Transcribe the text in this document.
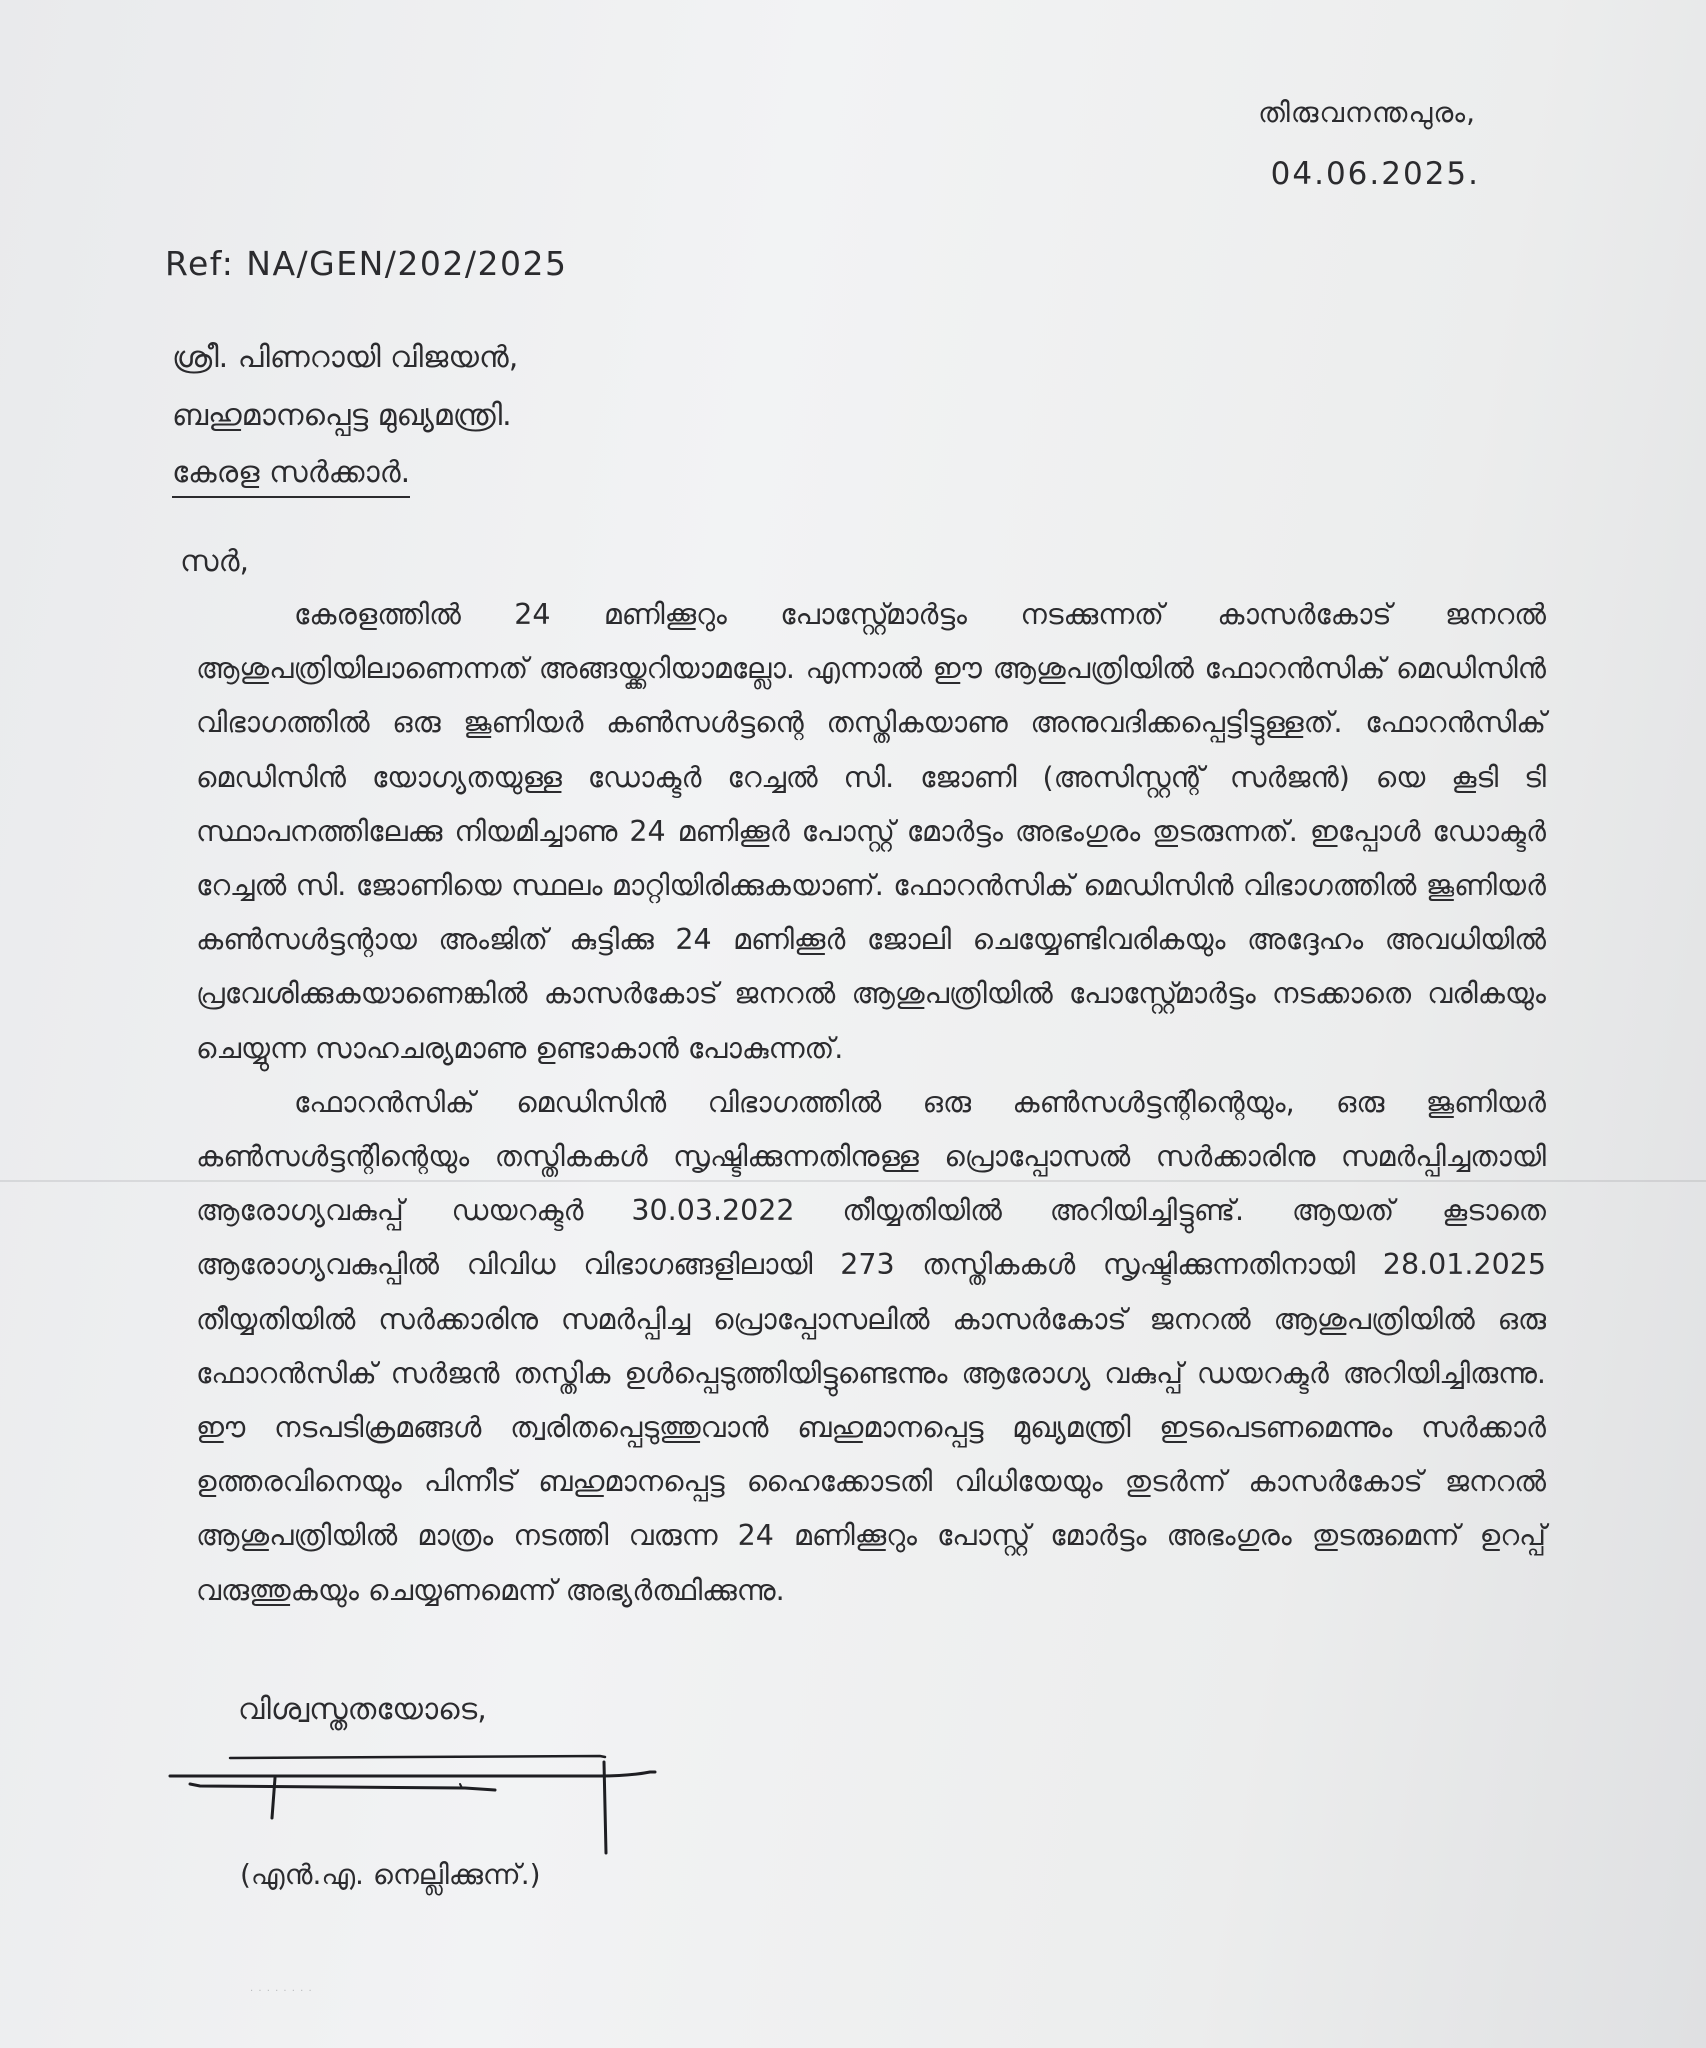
തിരുവനന്തപുരം,
04.06.2025.
Ref: NA/GEN/202/2025
ശ്രീ. പിണറായി വിജയൻ,
ബഹുമാനപ്പെട്ട മുഖ്യമന്ത്രി.
കേരള സർക്കാർ.
സർ,

കേരളത്തിൽ 24 മണിക്കൂറും പോസ്റ്റ്മോർട്ടം നടക്കുന്നത് കാസർകോട് ജനറൽ ആശുപത്രിയിലാണെന്നത് അങ്ങയ്ക്കറിയാമല്ലോ. എന്നാൽ ഈ ആശുപത്രിയിൽ ഫോറൻസിക് മെഡിസിൻ വിഭാഗത്തിൽ ഒരു ജൂണിയർ കൺസൾട്ടന്റെ തസ്തികയാണു അനുവദിക്കപ്പെട്ടിട്ടുള്ളത്. ഫോറൻസിക് മെഡിസിൻ യോഗ്യതയുള്ള ഡോക്ടർ റേച്ചൽ സി. ജോണി (അസിസ്റ്റന്റ് സർജൻ) യെ കൂടി ടി സ്ഥാപനത്തിലേക്കു നിയമിച്ചാണു 24 മണിക്കൂർ പോസ്റ്റ് മോർട്ടം അഭംഗുരം തുടരുന്നത്. ഇപ്പോൾ ഡോക്ടർ റേച്ചൽ സി. ജോണിയെ സ്ഥലം മാറ്റിയിരിക്കുകയാണ്. ഫോറൻസിക് മെഡിസിൻ വിഭാഗത്തിൽ ജൂണിയർ കൺസൾട്ടന്റായ അംജിത് കുട്ടിക്കു 24 മണിക്കൂർ ജോലി ചെയ്യേണ്ടിവരികയും അദ്ദേഹം അവധിയിൽ പ്രവേശിക്കുകയാണെങ്കിൽ കാസർകോട് ജനറൽ ആശുപത്രിയിൽ പോസ്റ്റ്മോർട്ടം നടക്കാതെ വരികയും ചെയ്യുന്ന സാഹചര്യമാണു ഉണ്ടാകാൻ പോകുന്നത്.

ഫോറൻസിക് മെഡിസിൻ വിഭാഗത്തിൽ ഒരു കൺസൾട്ടന്റിന്റെയും, ഒരു ജൂണിയർ കൺസൾട്ടന്റിന്റെയും തസ്തികകൾ സൃഷ്ടിക്കുന്നതിനുള്ള പ്രൊപ്പോസൽ സർക്കാരിനു സമർപ്പിച്ചതായി ആരോഗ്യവകുപ്പ് ഡയറക്ടർ 30.03.2022 തീയ്യതിയിൽ അറിയിച്ചിട്ടുണ്ട്. ആയത് കൂടാതെ ആരോഗ്യവകുപ്പിൽ വിവിധ വിഭാഗങ്ങളിലായി 273 തസ്തികകൾ സൃഷ്ടിക്കുന്നതിനായി 28.01.2025 തീയ്യതിയിൽ സർക്കാരിനു സമർപ്പിച്ച പ്രൊപ്പോസലിൽ കാസർകോട് ജനറൽ ആശുപത്രിയിൽ ഒരു ഫോറൻസിക് സർജൻ തസ്തിക ഉൾപ്പെടുത്തിയിട്ടുണ്ടെന്നും ആരോഗ്യ വകുപ്പ് ഡയറക്ടർ അറിയിച്ചിരുന്നു. ഈ നടപടിക്രമങ്ങൾ ത്വരിതപ്പെടുത്തുവാൻ ബഹുമാനപ്പെട്ട മുഖ്യമന്ത്രി ഇടപെടണമെന്നും സർക്കാർ ഉത്തരവിനെയും പിന്നീട് ബഹുമാനപ്പെട്ട ഹൈക്കോടതി വിധിയേയും തുടർന്ന് കാസർകോട് ജനറൽ ആശുപത്രിയിൽ മാത്രം നടത്തി വരുന്ന 24 മണിക്കൂറും പോസ്റ്റ് മോർട്ടം അഭംഗുരം തുടരുമെന്ന് ഉറപ്പ് വരുത്തുകയും ചെയ്യണമെന്ന് അഭ്യർത്ഥിക്കുന്നു.

വിശ്വസ്തതയോടെ,
(എൻ.എ. നെല്ലിക്കുന്ന്.)
· · · · · · · ·
